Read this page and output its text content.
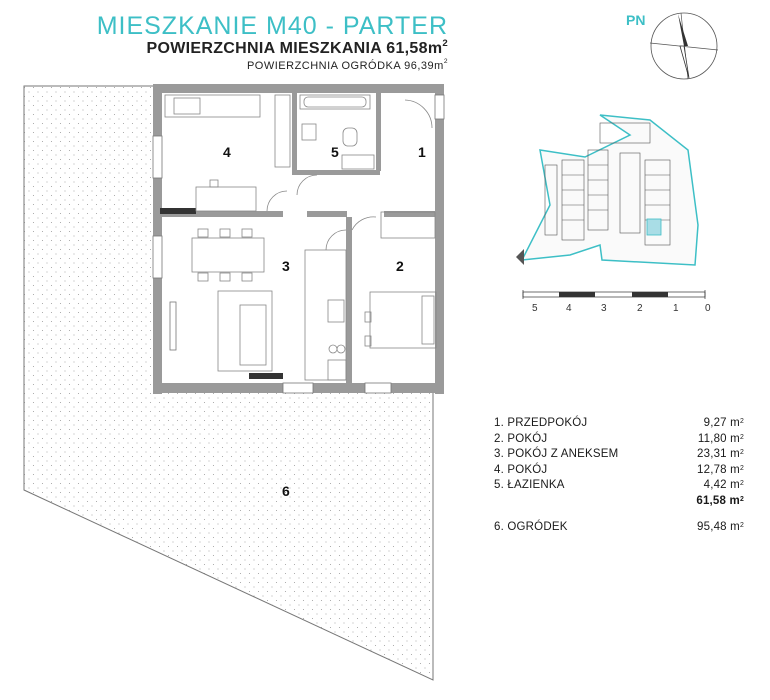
MIESZKANIE M40 - PARTER
POWIERZCHNIA MIESZKANIA $61,58m^2$
POWIERZCHNIA OGRÓDKA $96,39m^2$
PN
4	5	1
3	2
6
5	4	3	2	1	0
1. PRZEDPOKÓJ	9,27 $m^2$
2. POKÓJ	11,80 $m^2$
3. POKÓJ Z ANEKSEM	23,31 $m^2$
4. POKÓJ	12,78 $m^2$
5. ŁAZIENKA	4,42 $m^2$
61,58 $m^2$
6. OGRÓDEK	95,48 $m^2$
